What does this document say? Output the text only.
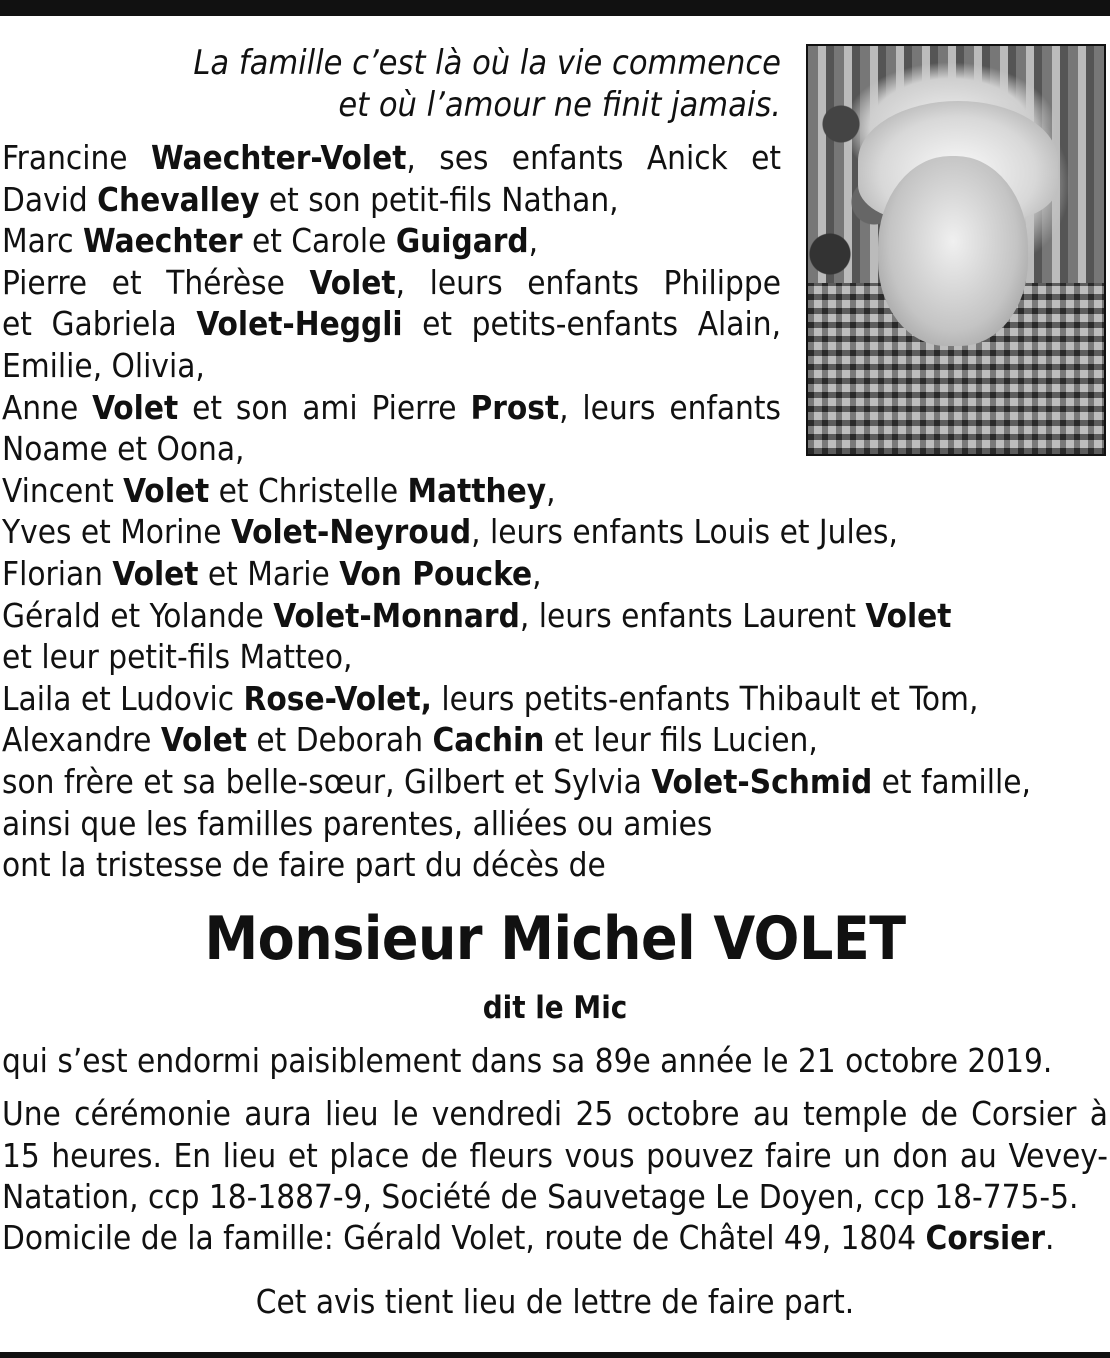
La famille c’est là où la vie commence
et où l’amour ne finit jamais.
Francine Waechter-Volet, ses enfants Anick et
David Chevalley et son petit-fils Nathan,
Marc Waechter et Carole Guigard,
Pierre et Thérèse Volet, leurs enfants Philippe
et Gabriela Volet-Heggli et petits-enfants Alain,
Emilie, Olivia,
Anne Volet et son ami Pierre Prost, leurs enfants
Noame et Oona,
Vincent Volet et Christelle Matthey,
Yves et Morine Volet-Neyroud, leurs enfants Louis et Jules,
Florian Volet et Marie Von Poucke,
Gérald et Yolande Volet-Monnard, leurs enfants Laurent Volet
et leur petit-fils Matteo,
Laila et Ludovic Rose-Volet, leurs petits-enfants Thibault et Tom,
Alexandre Volet et Deborah Cachin et leur fils Lucien,
son frère et sa belle-sœur, Gilbert et Sylvia Volet-Schmid et famille,
ainsi que les familles parentes, alliées ou amies
ont la tristesse de faire part du décès de
Monsieur Michel VOLET
dit le Mic
qui s’est endormi paisiblement dans sa 89e année le 21 octobre 2019.
Une cérémonie aura lieu le vendredi 25 octobre au temple de Corsier à 15 heures. En lieu et place de fleurs vous pouvez faire un don au Vevey-Natation, ccp 18-1887-9, Société de Sauvetage Le Doyen, ccp 18-775-5.
Domicile de la famille: Gérald Volet, route de Châtel 49, 1804 Corsier.
Cet avis tient lieu de lettre de faire part.
